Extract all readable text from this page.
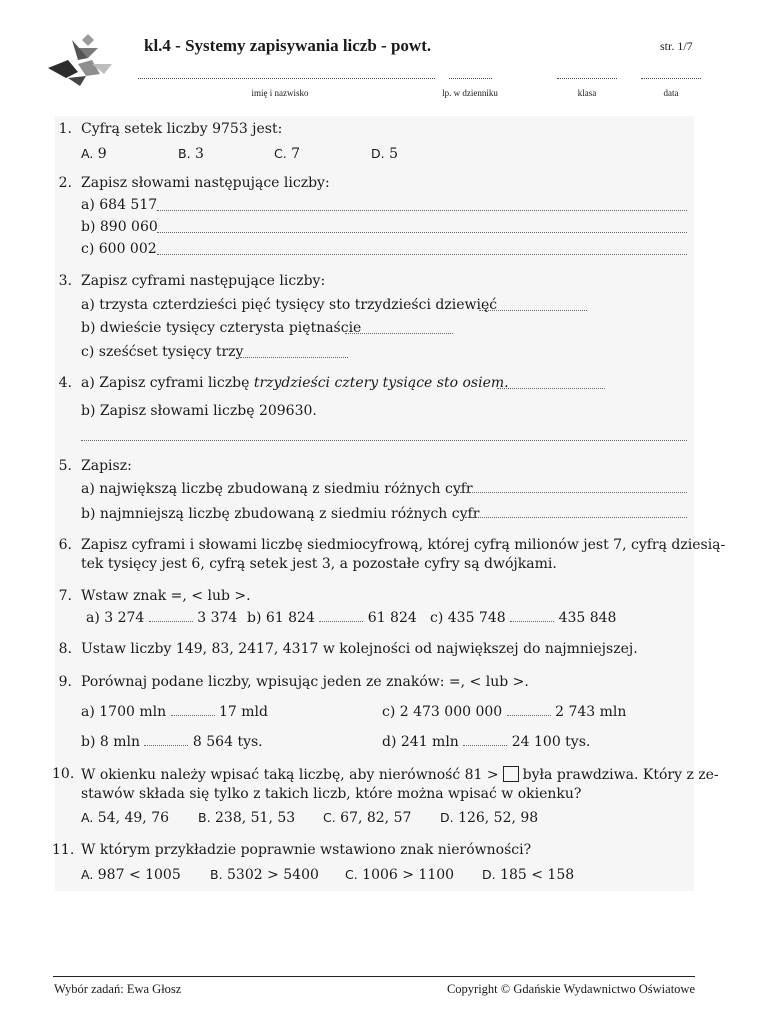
kl.4 - Systemy zapisywania liczb - powt.	str. 1/7
imię i nazwisko	lp. w dzienniku	klasa	data
1. Cyfrą setek liczby 9753 jest:
A. 9	B. 3	C. 7	D. 5
2. Zapisz słowami następujące liczby:
a) 684 517
b) 890 060
c) 600 002
3. Zapisz cyframi następujące liczby:
a) trzysta czterdzieści pięć tysięcy sto trzydzieści dziewięć
b) dwieście tysięcy czterysta piętnaście
c) sześćset tysięcy trzy
4. a) Zapisz cyframi liczbę trzydzieści cztery tysiące sto osiem.
b) Zapisz słowami liczbę 209630.
5. Zapisz:
a) największą liczbę zbudowaną z siedmiu różnych cyfr
b) najmniejszą liczbę zbudowaną z siedmiu różnych cyfr
6. Zapisz cyframi i słowami liczbę siedmiocyfrową, której cyfrą milionów jest 7, cyfrą dziesią-
tek tysięcy jest 6, cyfrą setek jest 3, a pozostałe cyfry są dwójkami.
7. Wstaw znak =, < lub >.
a) 3 274	3 374 b) 61 824	61 824 c) 435 748	435 848
8. Ustaw liczby 149, 83, 2417, 4317 w kolejności od największej do najmniejszej.
9. Porównaj podane liczby, wpisując jeden ze znaków: =, < lub >.
a) 1700 mln	17 mld	c) 2 473 000 000	2 743 mln
b) 8 mln	8 564 tys.	d) 241 mln	24 100 tys.
10. W okienku należy wpisać taką liczbę, aby nierówność 81 > była prawdziwa. Który z ze-
stawów składa się tylko z takich liczb, które można wpisać w okienku?
A. 54, 49, 76 B. 238, 51, 53 C. 67, 82, 57 D. 126, 52, 98
11. W którym przykładzie poprawnie wstawiono znak nierówności?
A. 987 < 1005 B. 5302 > 5400 C. 1006 > 1100 D. 185 < 158
Wybór zadań: Ewa Głosz	Copyright © Gdańskie Wydawnictwo Oświatowe
